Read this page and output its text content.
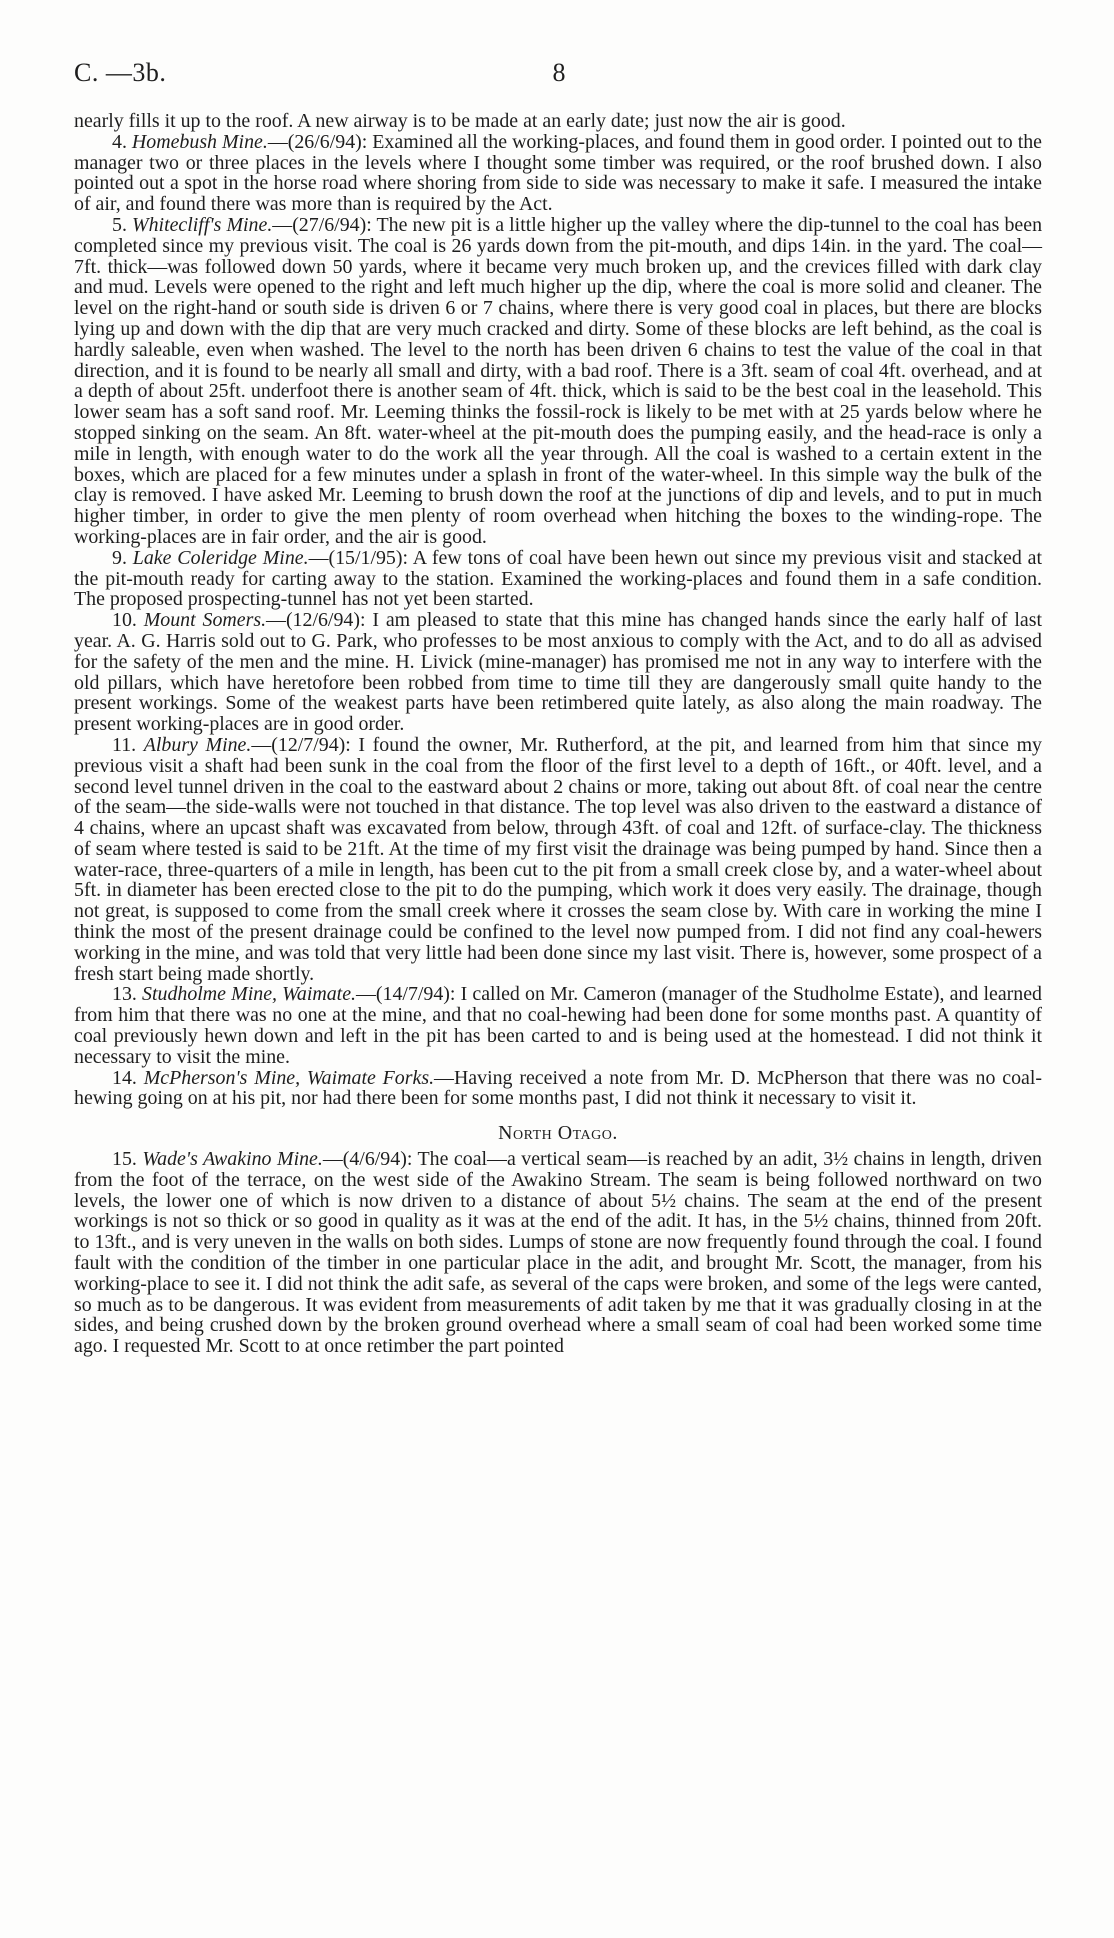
C. —3b.	8

nearly fills it up to the roof. A new airway is to be made at an early date; just now the air is good.

4. Homebush Mine.—(26/6/94): Examined all the working-places, and found them in good order. I pointed out to the manager two or three places in the levels where I thought some timber was required, or the roof brushed down. I also pointed out a spot in the horse road where shoring from side to side was necessary to make it safe. I measured the intake of air, and found there was more than is required by the Act.

5. Whitecliff's Mine.—(27/6/94): The new pit is a little higher up the valley where the dip-tunnel to the coal has been completed since my previous visit. The coal is 26 yards down from the pit-mouth, and dips 14in. in the yard. The coal—7ft. thick—was followed down 50 yards, where it became very much broken up, and the crevices filled with dark clay and mud. Levels were opened to the right and left much higher up the dip, where the coal is more solid and cleaner. The level on the right-hand or south side is driven 6 or 7 chains, where there is very good coal in places, but there are blocks lying up and down with the dip that are very much cracked and dirty. Some of these blocks are left behind, as the coal is hardly saleable, even when washed. The level to the north has been driven 6 chains to test the value of the coal in that direction, and it is found to be nearly all small and dirty, with a bad roof. There is a 3ft. seam of coal 4ft. overhead, and at a depth of about 25ft. underfoot there is another seam of 4ft. thick, which is said to be the best coal in the leasehold. This lower seam has a soft sand roof. Mr. Leeming thinks the fossil-rock is likely to be met with at 25 yards below where he stopped sinking on the seam. An 8ft. water-wheel at the pit-mouth does the pumping easily, and the head-race is only a mile in length, with enough water to do the work all the year through. All the coal is washed to a certain extent in the boxes, which are placed for a few minutes under a splash in front of the water-wheel. In this simple way the bulk of the clay is removed. I have asked Mr. Leeming to brush down the roof at the junctions of dip and levels, and to put in much higher timber, in order to give the men plenty of room overhead when hitching the boxes to the winding-rope. The working-places are in fair order, and the air is good.

9. Lake Coleridge Mine.—(15/1/95): A few tons of coal have been hewn out since my previous visit and stacked at the pit-mouth ready for carting away to the station. Examined the working-places and found them in a safe condition. The proposed prospecting-tunnel has not yet been started.

10. Mount Somers.—(12/6/94): I am pleased to state that this mine has changed hands since the early half of last year. A. G. Harris sold out to G. Park, who professes to be most anxious to comply with the Act, and to do all as advised for the safety of the men and the mine. H. Livick (mine-manager) has promised me not in any way to interfere with the old pillars, which have heretofore been robbed from time to time till they are dangerously small quite handy to the present workings. Some of the weakest parts have been retimbered quite lately, as also along the main roadway. The present working-places are in good order.

11. Albury Mine.—(12/7/94): I found the owner, Mr. Rutherford, at the pit, and learned from him that since my previous visit a shaft had been sunk in the coal from the floor of the first level to a depth of 16ft., or 40ft. level, and a second level tunnel driven in the coal to the eastward about 2 chains or more, taking out about 8ft. of coal near the centre of the seam—the side-walls were not touched in that distance. The top level was also driven to the eastward a distance of 4 chains, where an upcast shaft was excavated from below, through 43ft. of coal and 12ft. of surface-clay. The thickness of seam where tested is said to be 21ft. At the time of my first visit the drainage was being pumped by hand. Since then a water-race, three-quarters of a mile in length, has been cut to the pit from a small creek close by, and a water-wheel about 5ft. in diameter has been erected close to the pit to do the pumping, which work it does very easily. The drainage, though not great, is supposed to come from the small creek where it crosses the seam close by. With care in working the mine I think the most of the present drainage could be confined to the level now pumped from. I did not find any coal-hewers working in the mine, and was told that very little had been done since my last visit. There is, however, some prospect of a fresh start being made shortly.

13. Studholme Mine, Waimate.—(14/7/94): I called on Mr. Cameron (manager of the Studholme Estate), and learned from him that there was no one at the mine, and that no coal-hewing had been done for some months past. A quantity of coal previously hewn down and left in the pit has been carted to and is being used at the homestead. I did not think it necessary to visit the mine.

14. McPherson's Mine, Waimate Forks.—Having received a note from Mr. D. McPherson that there was no coal-hewing going on at his pit, nor had there been for some months past, I did not think it necessary to visit it.

North Otago.

15. Wade's Awakino Mine.—(4/6/94): The coal—a vertical seam—is reached by an adit, 3½ chains in length, driven from the foot of the terrace, on the west side of the Awakino Stream. The seam is being followed northward on two levels, the lower one of which is now driven to a distance of about 5½ chains. The seam at the end of the present workings is not so thick or so good in quality as it was at the end of the adit. It has, in the 5½ chains, thinned from 20ft. to 13ft., and is very uneven in the walls on both sides. Lumps of stone are now frequently found through the coal. I found fault with the condition of the timber in one particular place in the adit, and brought Mr. Scott, the manager, from his working-place to see it. I did not think the adit safe, as several of the caps were broken, and some of the legs were canted, so much as to be dangerous. It was evident from measurements of adit taken by me that it was gradually closing in at the sides, and being crushed down by the broken ground overhead where a small seam of coal had been worked some time ago. I requested Mr. Scott to at once retimber the part pointed
